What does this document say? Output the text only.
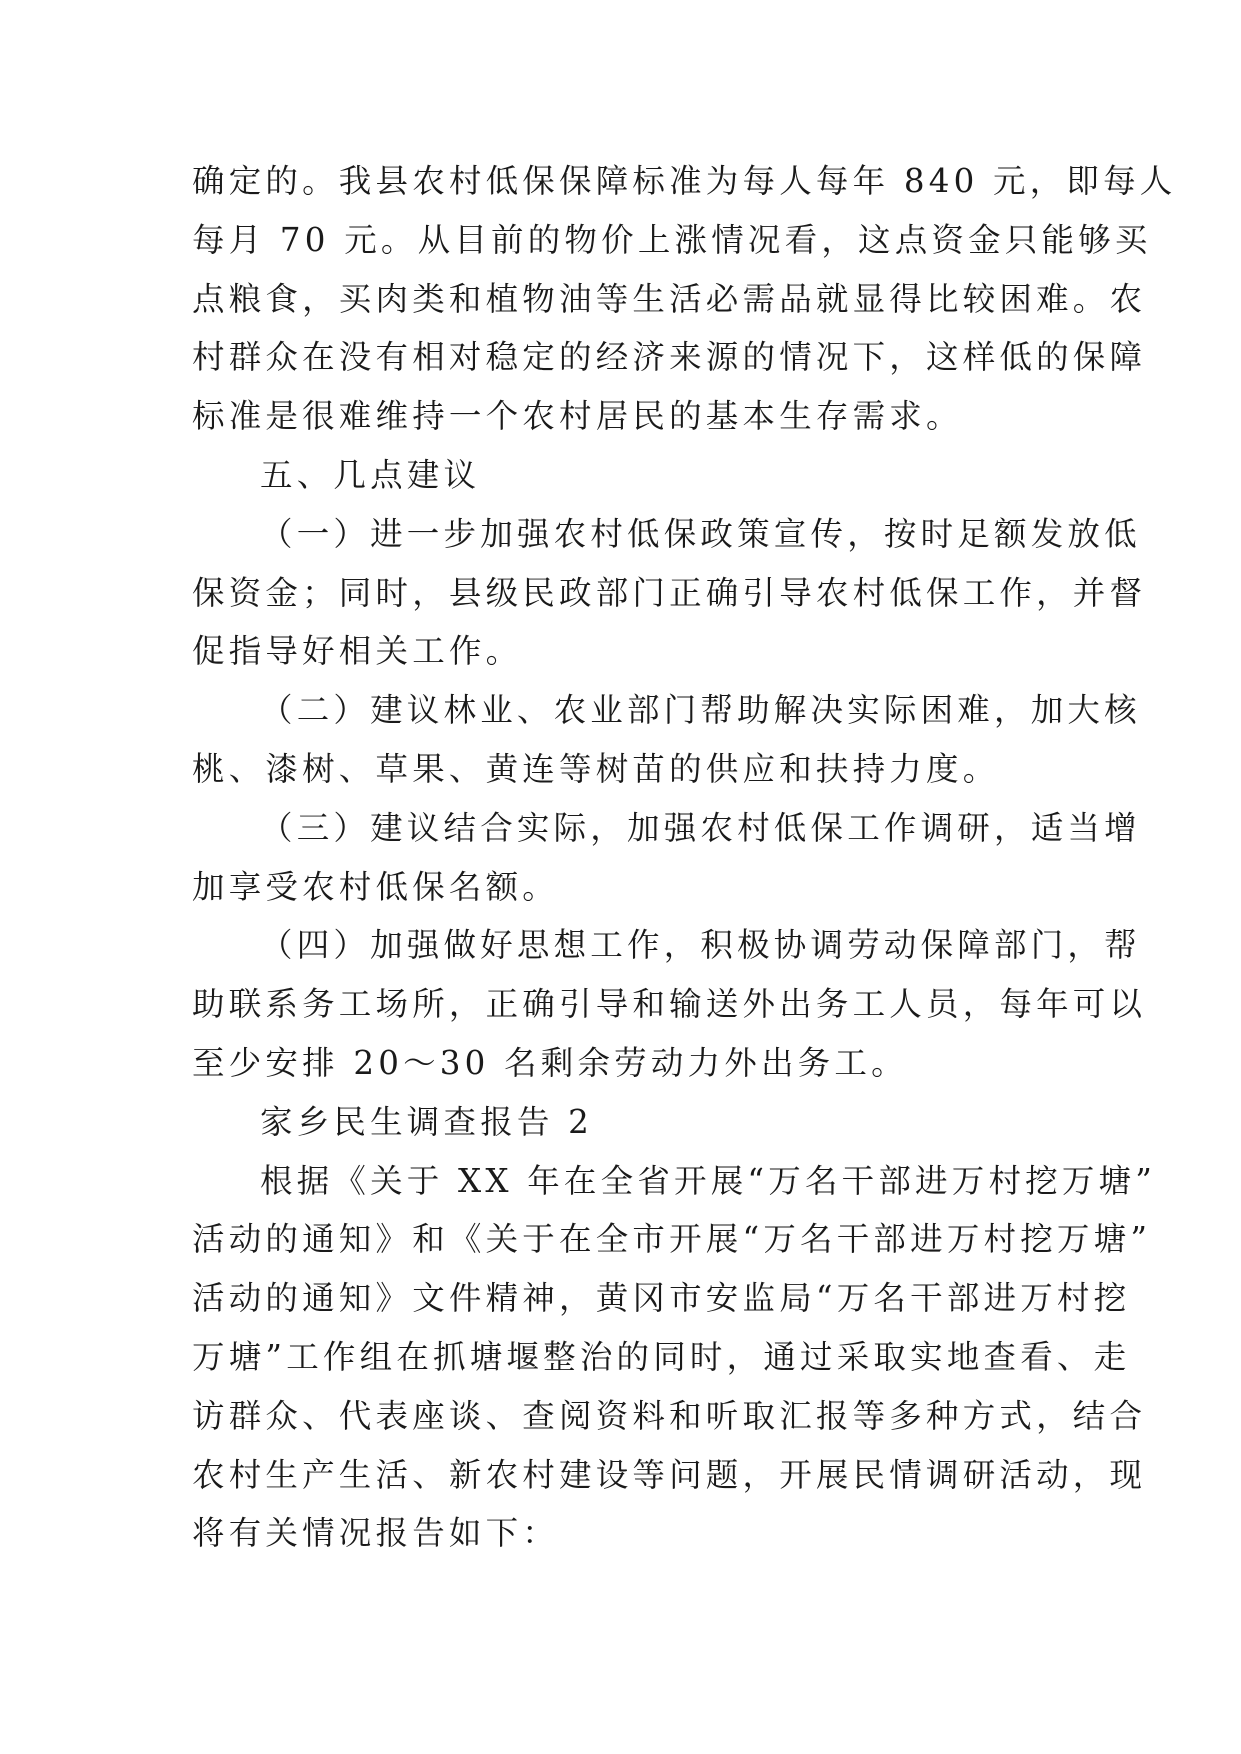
确定的。我县农村低保保障标准为每人每年 840 元，即每人
每月 70 元。从目前的物价上涨情况看，这点资金只能够买
点粮食，买肉类和植物油等生活必需品就显得比较困难。农
村群众在没有相对稳定的经济来源的情况下，这样低的保障
标准是很难维持一个农村居民的基本生存需求。
五、几点建议
（一）进一步加强农村低保政策宣传，按时足额发放低
保资金；同时，县级民政部门正确引导农村低保工作，并督
促指导好相关工作。
（二）建议林业、农业部门帮助解决实际困难，加大核
桃、漆树、草果、黄连等树苗的供应和扶持力度。
（三）建议结合实际，加强农村低保工作调研，适当增
加享受农村低保名额。
（四）加强做好思想工作，积极协调劳动保障部门，帮
助联系务工场所，正确引导和输送外出务工人员，每年可以
至少安排 20～30 名剩余劳动力外出务工。
家乡民生调查报告 2
根据《关于 XX 年在全省开展“万名干部进万村挖万塘”
活动的通知》和《关于在全市开展“万名干部进万村挖万塘”
活动的通知》文件精神，黄冈市安监局“万名干部进万村挖
万塘”工作组在抓塘堰整治的同时，通过采取实地查看、走
访群众、代表座谈、查阅资料和听取汇报等多种方式，结合
农村生产生活、新农村建设等问题，开展民情调研活动，现
将有关情况报告如下：
